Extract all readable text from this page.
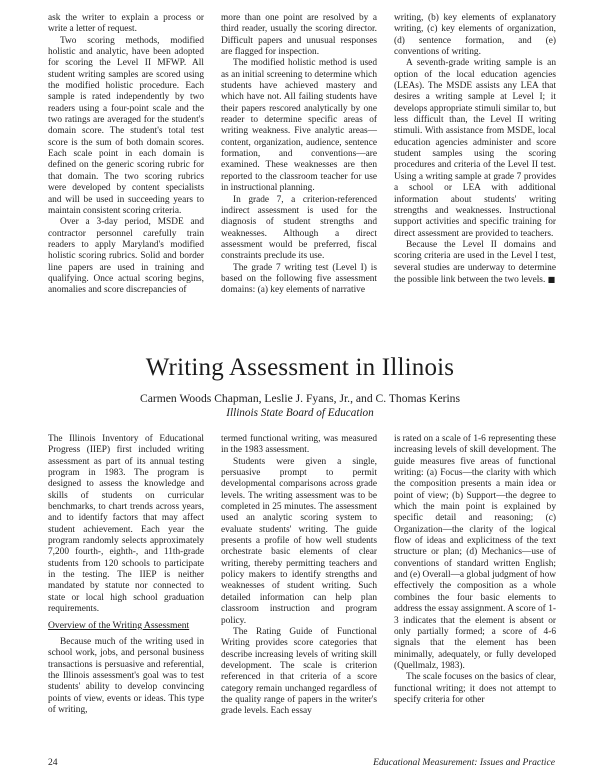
ask the writer to explain a process or write a letter of request.

Two scoring methods, modified holistic and analytic, have been adopted for scoring the Level II MFWP. All student writing samples are scored using the modified holistic procedure. Each sample is rated independently by two readers using a four-point scale and the two ratings are averaged for the student's domain score. The student's total test score is the sum of both domain scores. Each scale point in each domain is defined on the generic scoring rubric for that domain. The two scoring rubrics were developed by content specialists and will be used in succeeding years to maintain consistent scoring criteria.

Over a 3-day period, MSDE and contractor personnel carefully train readers to apply Maryland's modified holistic scoring rubrics. Solid and border line papers are used in training and qualifying. Once actual scoring begins, anomalies and score discrepancies of

more than one point are resolved by a third reader, usually the scoring director. Difficult papers and unusual responses are flagged for inspection.

The modified holistic method is used as an initial screening to determine which students have achieved mastery and which have not. All failing students have their papers rescored analytically by one reader to determine specific areas of writing weakness. Five analytic areas—content, organization, audience, sentence formation, and conventions—are examined. These weaknesses are then reported to the classroom teacher for use in instructional planning.

In grade 7, a criterion-referenced indirect assessment is used for the diagnosis of student strengths and weaknesses. Although a direct assessment would be preferred, fiscal constraints preclude its use.

The grade 7 writing test (Level I) is based on the following five assessment domains: (a) key elements of narrative

writing, (b) key elements of explanatory writing, (c) key elements of organization, (d) sentence formation, and (e) conventions of writing.

A seventh-grade writing sample is an option of the local education agencies (LEAs). The MSDE assists any LEA that desires a writing sample at Level I; it develops appropriate stimuli similar to, but less difficult than, the Level II writing stimuli. With assistance from MSDE, local education agencies administer and score student samples using the scoring procedures and criteria of the Level II test. Using a writing sample at grade 7 provides a school or LEA with additional information about students' writing strengths and weaknesses. Instructional support activities and specific training for direct assessment are provided to teachers.

Because the Level II domains and scoring criteria are used in the Level I test, several studies are underway to determine the possible link between the two levels. ■

Writing Assessment in Illinois
Carmen Woods Chapman, Leslie J. Fyans, Jr., and C. Thomas Kerins
Illinois State Board of Education

The Illinois Inventory of Educational Progress (IIEP) first included writing assessment as part of its annual testing program in 1983. The program is designed to assess the knowledge and skills of students on curricular benchmarks, to chart trends across years, and to identify factors that may affect student achievement. Each year the program randomly selects approximately 7,200 fourth-, eighth-, and 11th-grade students from 120 schools to participate in the testing. The IIEP is neither mandated by statute nor connected to state or local high school graduation requirements.

Overview of the Writing Assessment

Because much of the writing used in school work, jobs, and personal business transactions is persuasive and referential, the Illinois assessment's goal was to test students' ability to develop convincing points of view, events or ideas. This type of writing,

termed functional writing, was measured in the 1983 assessment.

Students were given a single, persuasive prompt to permit developmental comparisons across grade levels. The writing assessment was to be completed in 25 minutes. The assessment used an analytic scoring system to evaluate students' writing. The guide presents a profile of how well students orchestrate basic elements of clear writing, thereby permitting teachers and policy makers to identify strengths and weaknesses of student writing. Such detailed information can help plan classroom instruction and program policy.

The Rating Guide of Functional Writing provides score categories that describe increasing levels of writing skill development. The scale is criterion referenced in that criteria of a score category remain unchanged regardless of the quality range of papers in the writer's grade levels. Each essay

is rated on a scale of 1-6 representing these increasing levels of skill development. The guide measures five areas of functional writing: (a) Focus—the clarity with which the composition presents a main idea or point of view; (b) Support—the degree to which the main point is explained by specific detail and reasoning; (c) Organization—the clarity of the logical flow of ideas and explicitness of the text structure or plan; (d) Mechanics—use of conventions of standard written English; and (e) Overall—a global judgment of how effectively the composition as a whole combines the four basic elements to address the essay assignment. A score of 1-3 indicates that the element is absent or only partially formed; a score of 4-6 signals that the element has been minimally, adequately, or fully developed (Quellmalz, 1983).

The scale focuses on the basics of clear, functional writing; it does not attempt to specify criteria for other

24	Educational Measurement: Issues and Practice
